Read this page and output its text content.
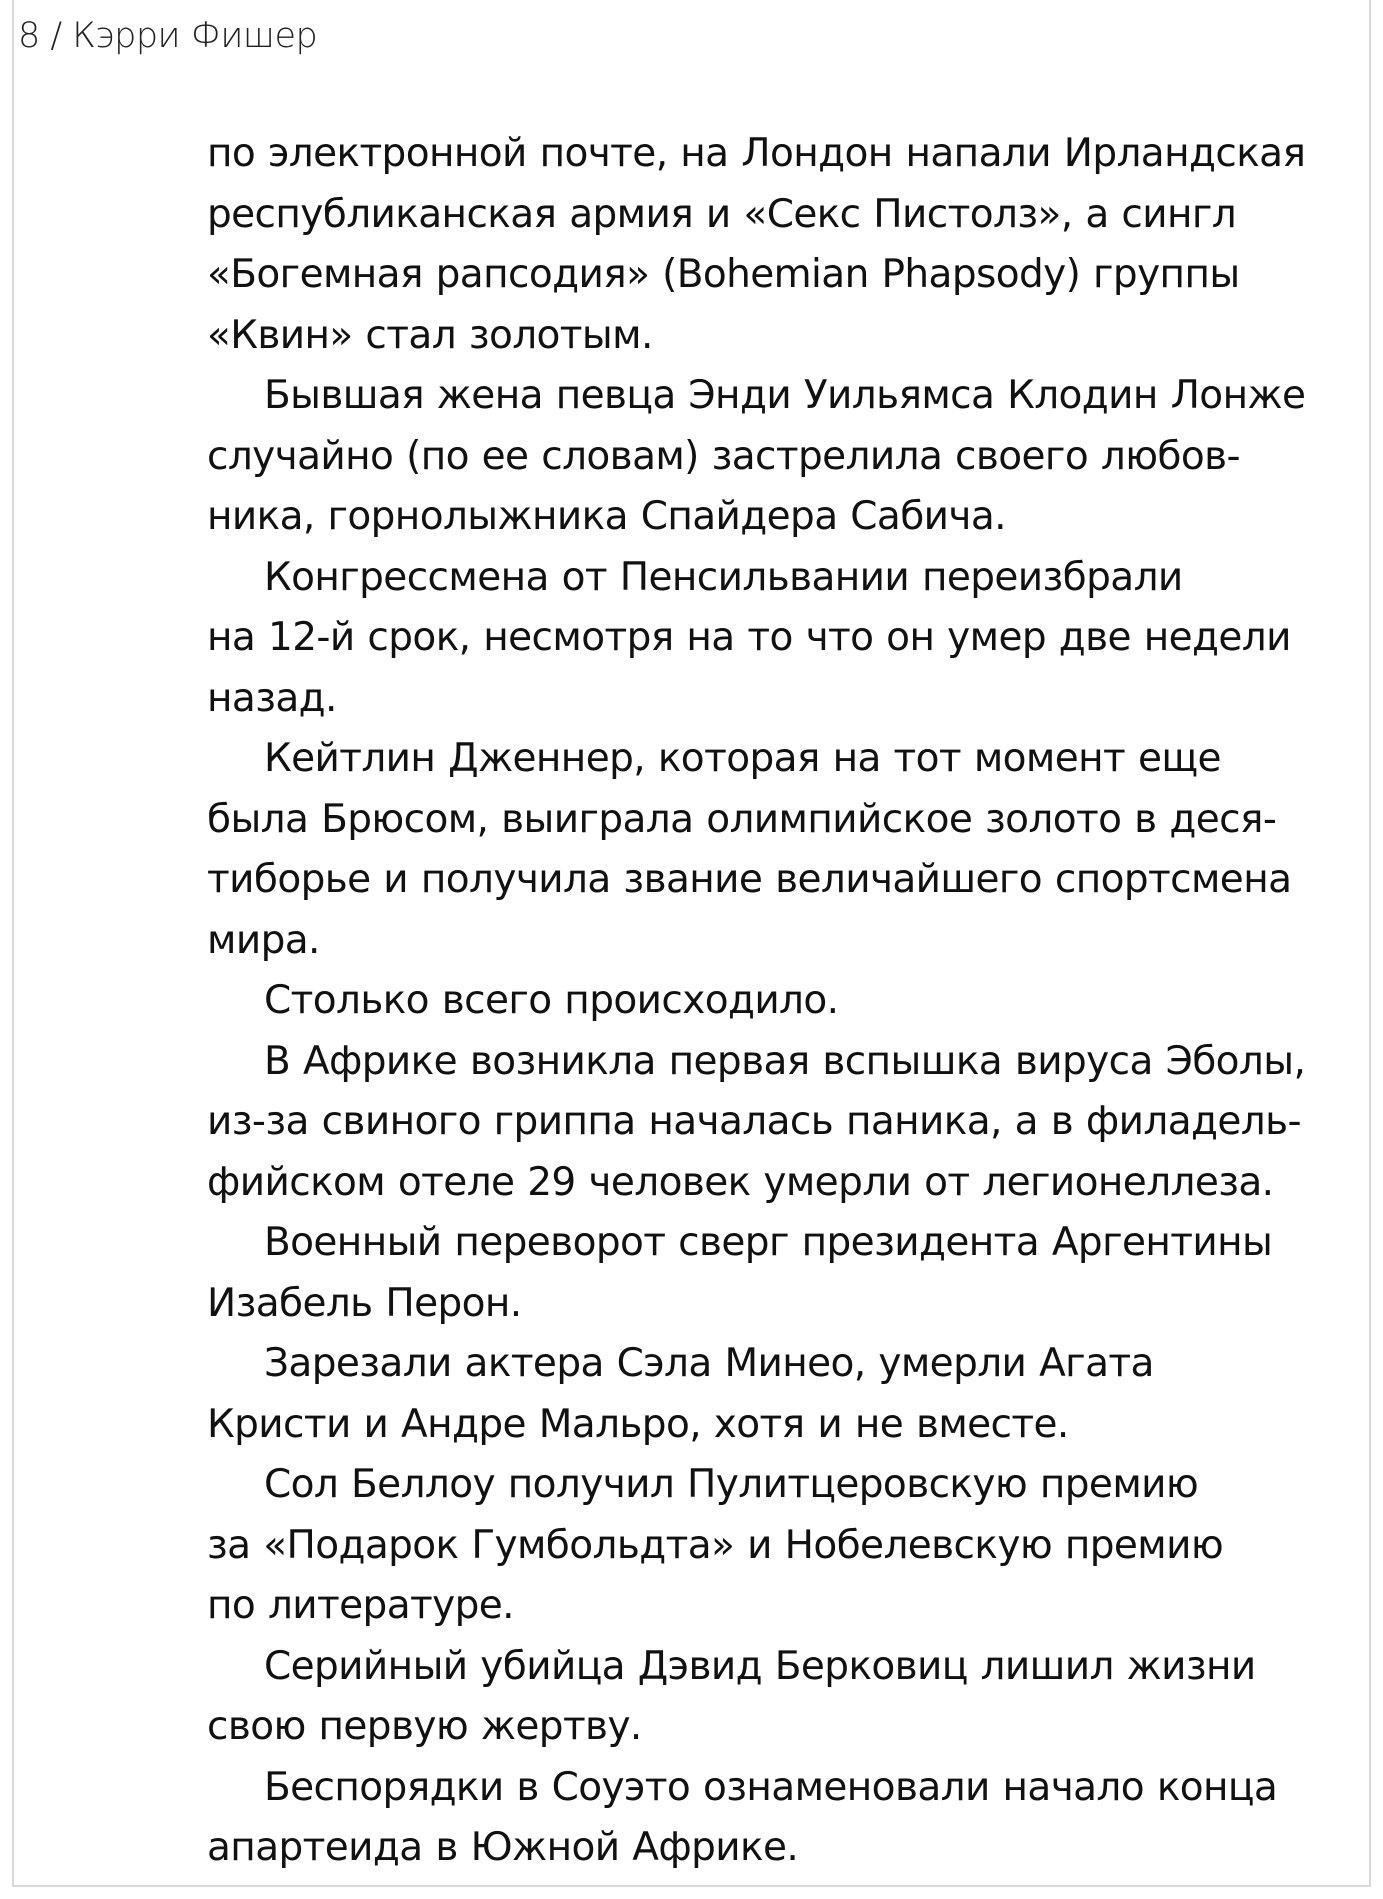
8 / Кэрри Фишер
по электронной почте, на Лондон напали Ирландская
республиканская армия и «Секс Пистолз», а сингл
«Богемная рапсодия» (Bohemian Phapsody) группы
«Квин» стал золотым.
Бывшая жена певца Энди Уильямса Клодин Лонже
случайно (по ее словам) застрелила своего любов-
ника, горнолыжника Спайдера Сабича.
Конгрессмена от Пенсильвании переизбрали
на 12-й срок, несмотря на то что он умер две недели
назад.
Кейтлин Дженнер, которая на тот момент еще
была Брюсом, выиграла олимпийское золото в деся-
тиборье и получила звание величайшего спортсмена
мира.
Столько всего происходило.
В Африке возникла первая вспышка вируса Эболы,
из-за свиного гриппа началась паника, а в филадель-
фийском отеле 29 человек умерли от легионеллеза.
Военный переворот сверг президента Аргентины
Изабель Перон.
Зарезали актера Сэла Минео, умерли Агата
Кристи и Андре Мальро, хотя и не вместе.
Сол Беллоу получил Пулитцеровскую премию
за «Подарок Гумбольдта» и Нобелевскую премию
по литературе.
Серийный убийца Дэвид Берковиц лишил жизни
свою первую жертву.
Беспорядки в Соуэто ознаменовали начало конца
апартеида в Южной Африке.
